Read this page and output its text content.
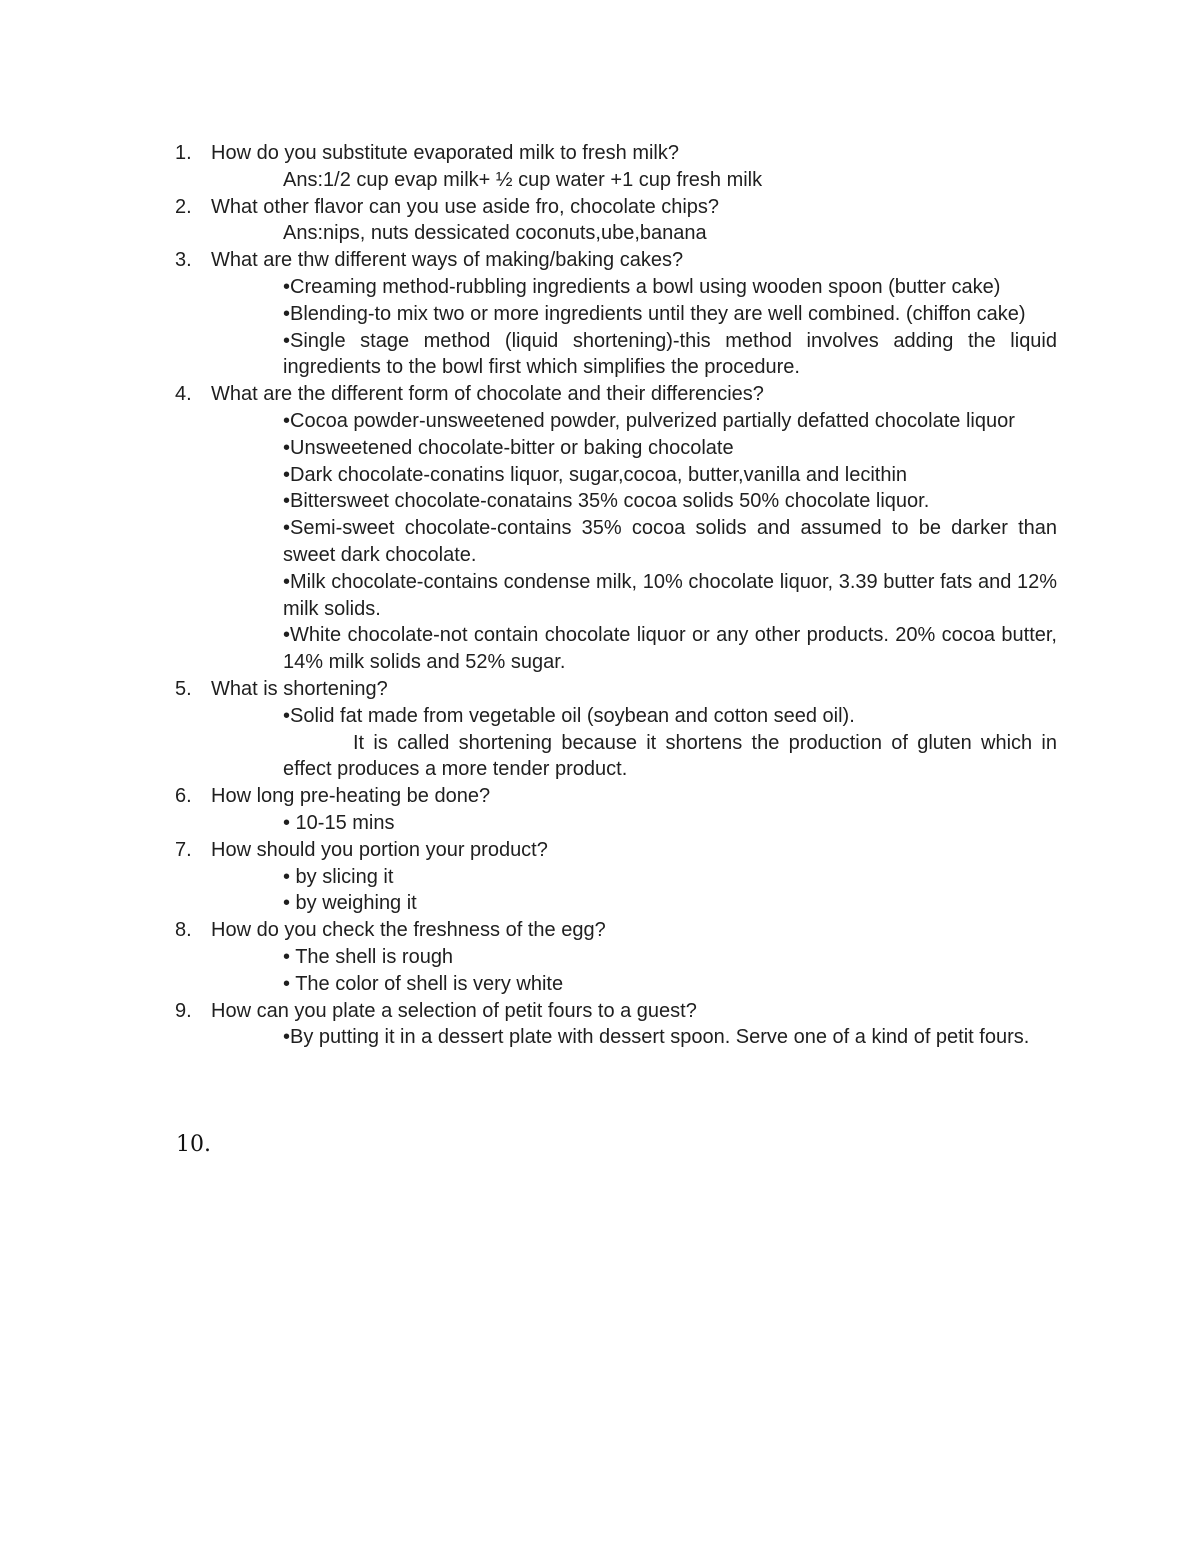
1. How do you substitute evaporated milk to fresh milk?
Ans:1/2 cup evap milk+ ½ cup water +1 cup fresh milk
2. What other flavor can you use aside fro, chocolate chips?
Ans:nips, nuts dessicated coconuts,ube,banana
3. What are thw different ways of making/baking cakes?
•Creaming method-rubbling ingredients a bowl using wooden spoon (butter cake)
•Blending-to mix two or more ingredients until they are well combined. (chiffon cake)
•Single stage method (liquid shortening)-this method involves adding the liquid ingredients to the bowl first which simplifies the procedure.
4. What are the different form of chocolate and their differencies?
•Cocoa powder-unsweetened powder, pulverized partially defatted chocolate liquor
•Unsweetened chocolate-bitter or baking chocolate
•Dark chocolate-conatins liquor, sugar,cocoa, butter,vanilla and lecithin
•Bittersweet chocolate-conatains 35% cocoa solids 50% chocolate liquor.
•Semi-sweet chocolate-contains 35% cocoa solids and assumed to be darker than sweet dark chocolate.
•Milk chocolate-contains condense milk, 10% chocolate liquor, 3.39 butter fats and 12% milk solids.
•White chocolate-not contain chocolate liquor or any other products. 20% cocoa butter, 14% milk solids and 52% sugar.
5. What is shortening?
•Solid fat made from vegetable oil (soybean and cotton seed oil).
It is called shortening because it shortens the production of gluten which in effect produces a more tender product.
6. How long pre-heating be done?
• 10-15 mins
7. How should you portion your product?
• by slicing it
• by weighing it
8. How do you check the freshness of the egg?
• The shell is rough
• The color of shell is very white
9. How can you plate a selection of petit fours to a guest?
•By putting it in a dessert plate with dessert spoon. Serve one of a kind of petit fours.
10.
